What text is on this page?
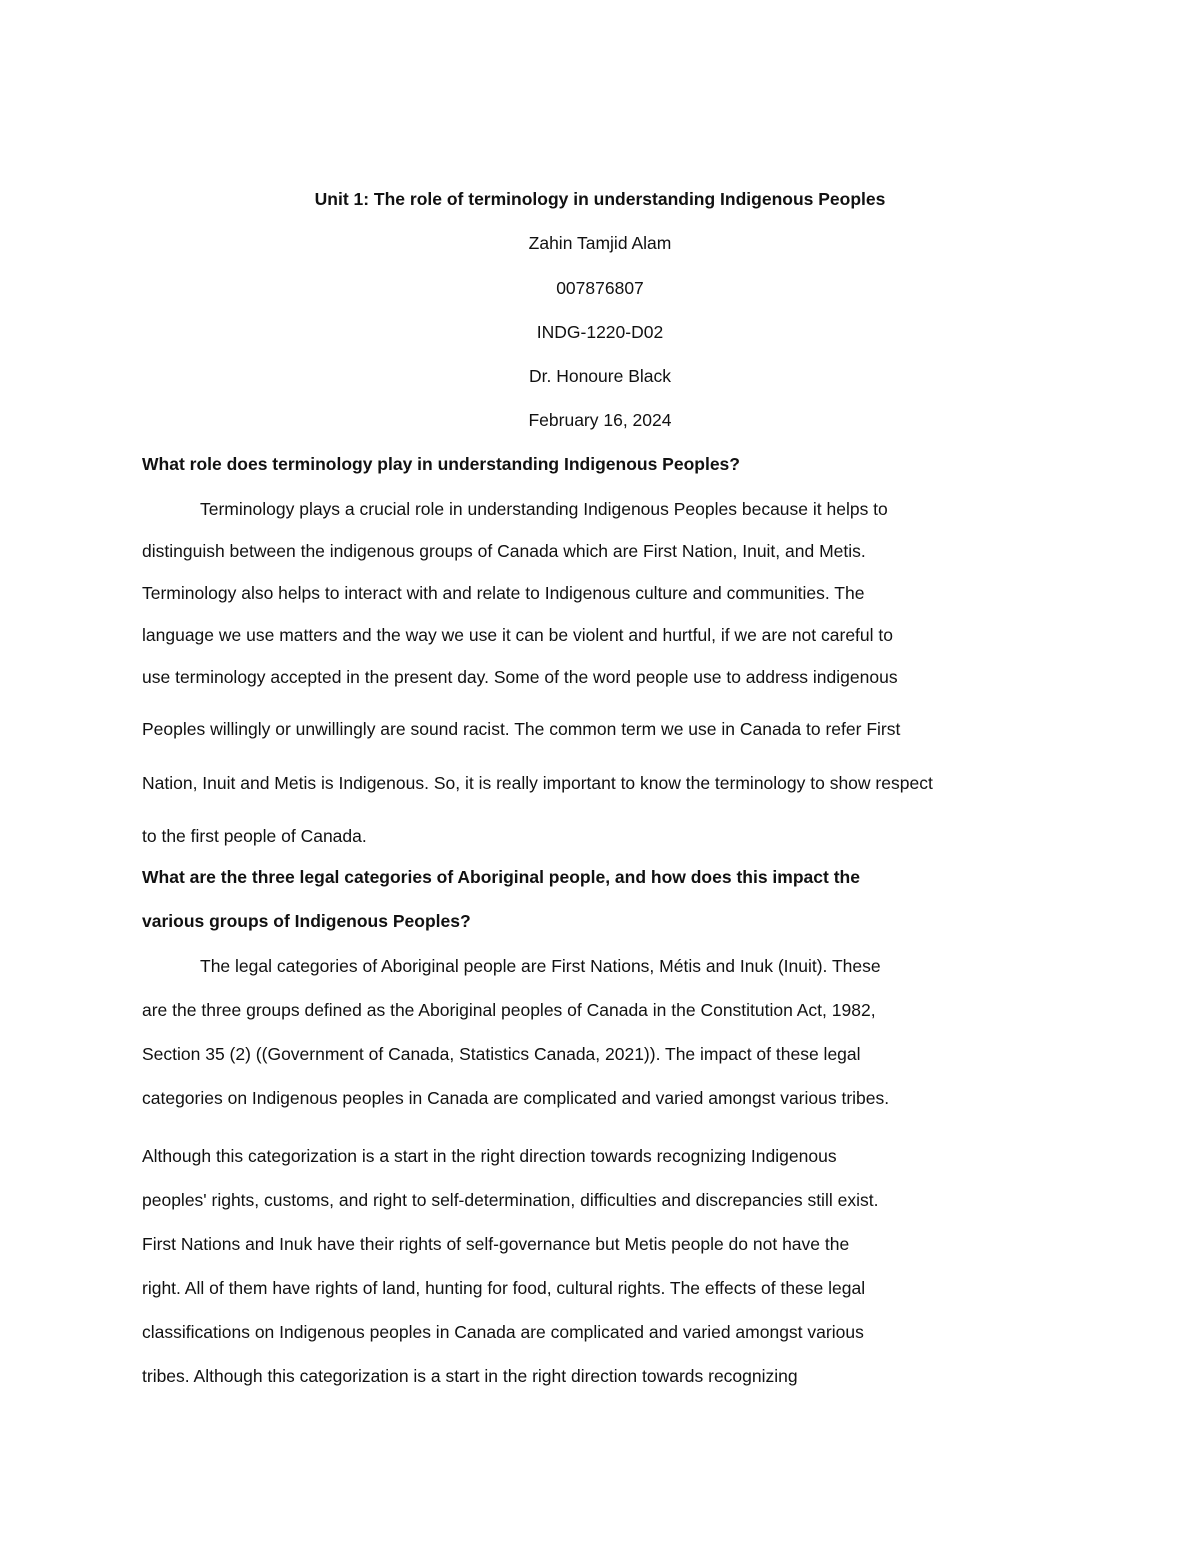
Unit 1: The role of terminology in understanding Indigenous Peoples
Zahin Tamjid Alam
007876807
INDG-1220-D02
Dr. Honoure Black
February 16, 2024
What role does terminology play in understanding Indigenous Peoples?
Terminology plays a crucial role in understanding Indigenous Peoples because it helps to
distinguish between the indigenous groups of Canada which are First Nation, Inuit, and Metis.
Terminology also helps to interact with and relate to Indigenous culture and communities. The
language we use matters and the way we use it can be violent and hurtful, if we are not careful to
use terminology accepted in the present day. Some of the word people use to address indigenous
Peoples willingly or unwillingly are sound racist. The common term we use in Canada to refer First
Nation, Inuit and Metis is Indigenous. So, it is really important to know the terminology to show respect
to the first people of Canada.
What are the three legal categories of Aboriginal people, and how does this impact the
various groups of Indigenous Peoples?
The legal categories of Aboriginal people are First Nations, Métis and Inuk (Inuit). These
are the three groups defined as the Aboriginal peoples of Canada in the Constitution Act, 1982,
Section 35 (2) ((Government of Canada, Statistics Canada, 2021)). The impact of these legal
categories on Indigenous peoples in Canada are complicated and varied amongst various tribes.
Although this categorization is a start in the right direction towards recognizing Indigenous
peoples' rights, customs, and right to self-determination, difficulties and discrepancies still exist.
First Nations and Inuk have their rights of self-governance but Metis people do not have the
right. All of them have rights of land, hunting for food, cultural rights. The effects of these legal
classifications on Indigenous peoples in Canada are complicated and varied amongst various
tribes. Although this categorization is a start in the right direction towards recognizing
